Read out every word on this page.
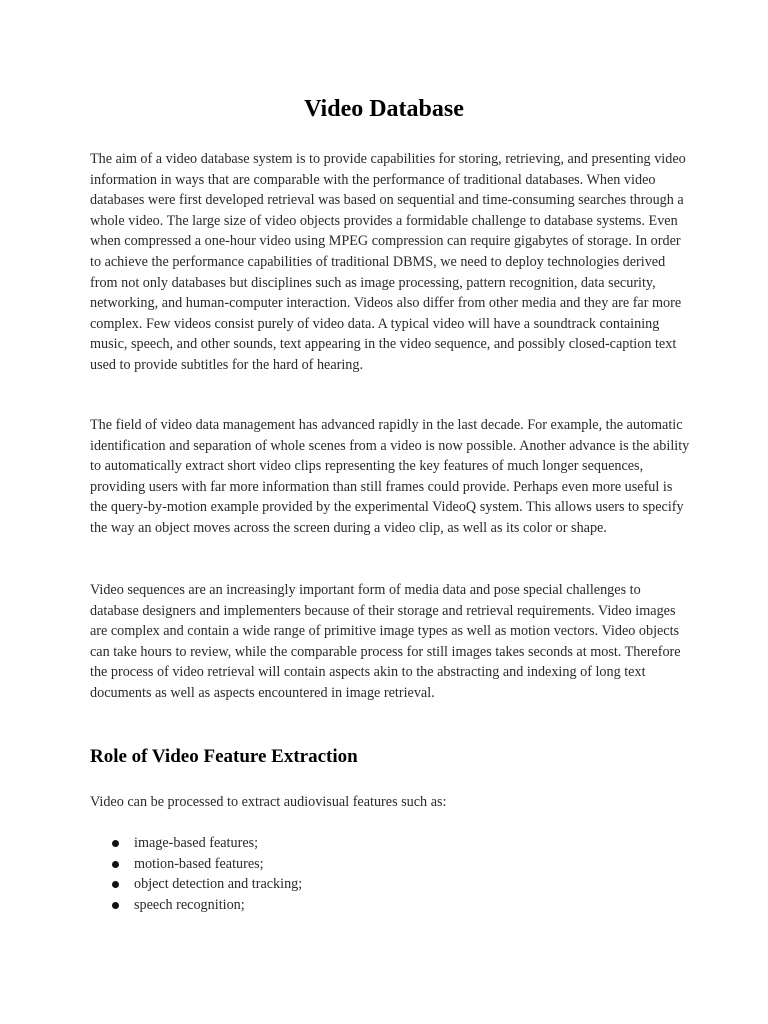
Video Database

The aim of a video database system is to provide capabilities for storing, retrieving, and presenting video information in ways that are comparable with the performance of traditional databases. When video databases were first developed retrieval was based on sequential and time-consuming searches through a whole video. The large size of video objects provides a formidable challenge to database systems. Even when compressed a one-hour video using MPEG compression can require gigabytes of storage. In order to achieve the performance capabilities of traditional DBMS, we need to deploy technologies derived from not only databases but disciplines such as image processing, pattern recognition, data security, networking, and human-computer interaction. Videos also differ from other media and they are far more complex. Few videos consist purely of video data. A typical video will have a soundtrack containing music, speech, and other sounds, text appearing in the video sequence, and possibly closed-caption text used to provide subtitles for the hard of hearing.

The field of video data management has advanced rapidly in the last decade. For example, the automatic identification and separation of whole scenes from a video is now possible. Another advance is the ability to automatically extract short video clips representing the key features of much longer sequences, providing users with far more information than still frames could provide. Perhaps even more useful is the query-by-motion example provided by the experimental VideoQ system. This allows users to specify the way an object moves across the screen during a video clip, as well as its color or shape.

Video sequences are an increasingly important form of media data and pose special challenges to database designers and implementers because of their storage and retrieval requirements. Video images are complex and contain a wide range of primitive image types as well as motion vectors. Video objects can take hours to review, while the comparable process for still images takes seconds at most. Therefore the process of video retrieval will contain aspects akin to the abstracting and indexing of long text documents as well as aspects encountered in image retrieval.

Role of Video Feature Extraction

Video can be processed to extract audiovisual features such as:

image-based features;
motion-based features;
object detection and tracking;
speech recognition;
